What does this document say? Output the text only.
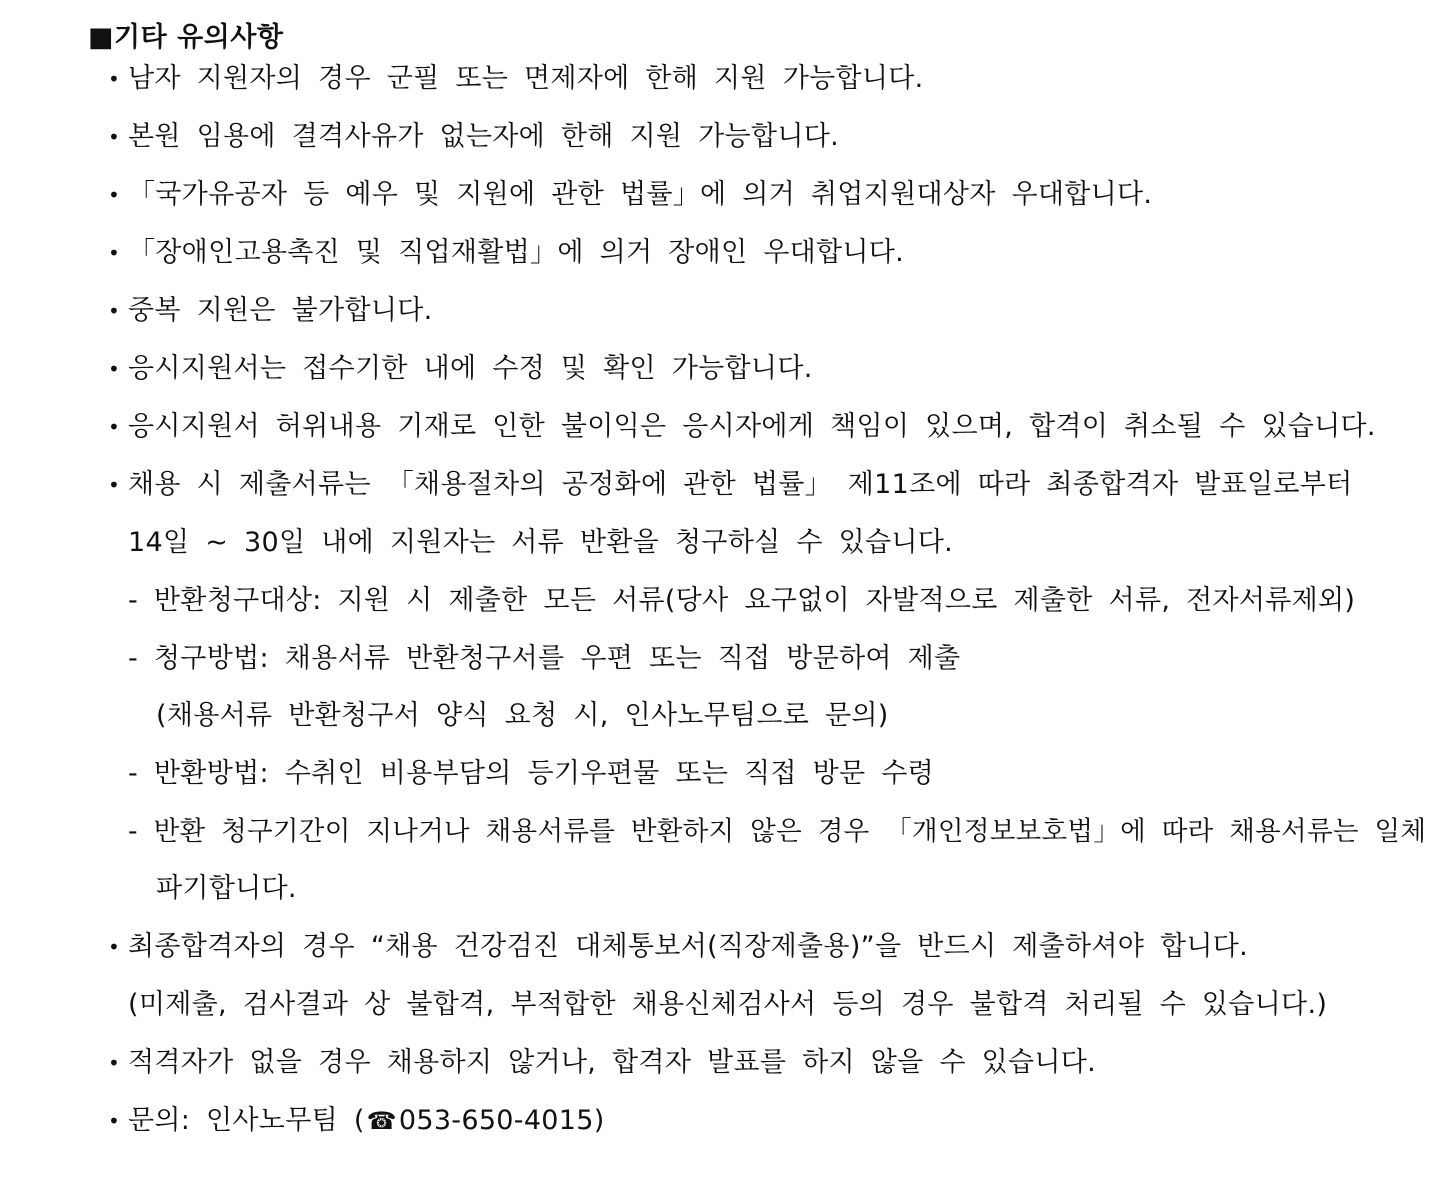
■기타 유의사항
• 남자 지원자의 경우 군필 또는 면제자에 한해 지원 가능합니다.
• 본원 임용에 결격사유가 없는자에 한해 지원 가능합니다.
• 「국가유공자 등 예우 및 지원에 관한 법률」에 의거 취업지원대상자 우대합니다.
• 「장애인고용촉진 및 직업재활법」에 의거 장애인 우대합니다.
• 중복 지원은 불가합니다.
• 응시지원서는 접수기한 내에 수정 및 확인 가능합니다.
• 응시지원서 허위내용 기재로 인한 불이익은 응시자에게 책임이 있으며, 합격이 취소될 수 있습니다.
• 채용 시 제출서류는 「채용절차의 공정화에 관한 법률」 제11조에 따라 최종합격자 발표일로부터
14일 ~ 30일 내에 지원자는 서류 반환을 청구하실 수 있습니다.
- 반환청구대상: 지원 시 제출한 모든 서류(당사 요구없이 자발적으로 제출한 서류, 전자서류제외)
- 청구방법: 채용서류 반환청구서를 우편 또는 직접 방문하여 제출
(채용서류 반환청구서 양식 요청 시, 인사노무팀으로 문의)
- 반환방법: 수취인 비용부담의 등기우편물 또는 직접 방문 수령
- 반환 청구기간이 지나거나 채용서류를 반환하지 않은 경우 「개인정보보호법」에 따라 채용서류는 일체
파기합니다.
• 최종합격자의 경우 “채용 건강검진 대체통보서(직장제출용)”을 반드시 제출하셔야 합니다.
(미제출, 검사결과 상 불합격, 부적합한 채용신체검사서 등의 경우 불합격 처리될 수 있습니다.)
• 적격자가 없을 경우 채용하지 않거나, 합격자 발표를 하지 않을 수 있습니다.
• 문의: 인사노무팀 (☎053-650-4015)
